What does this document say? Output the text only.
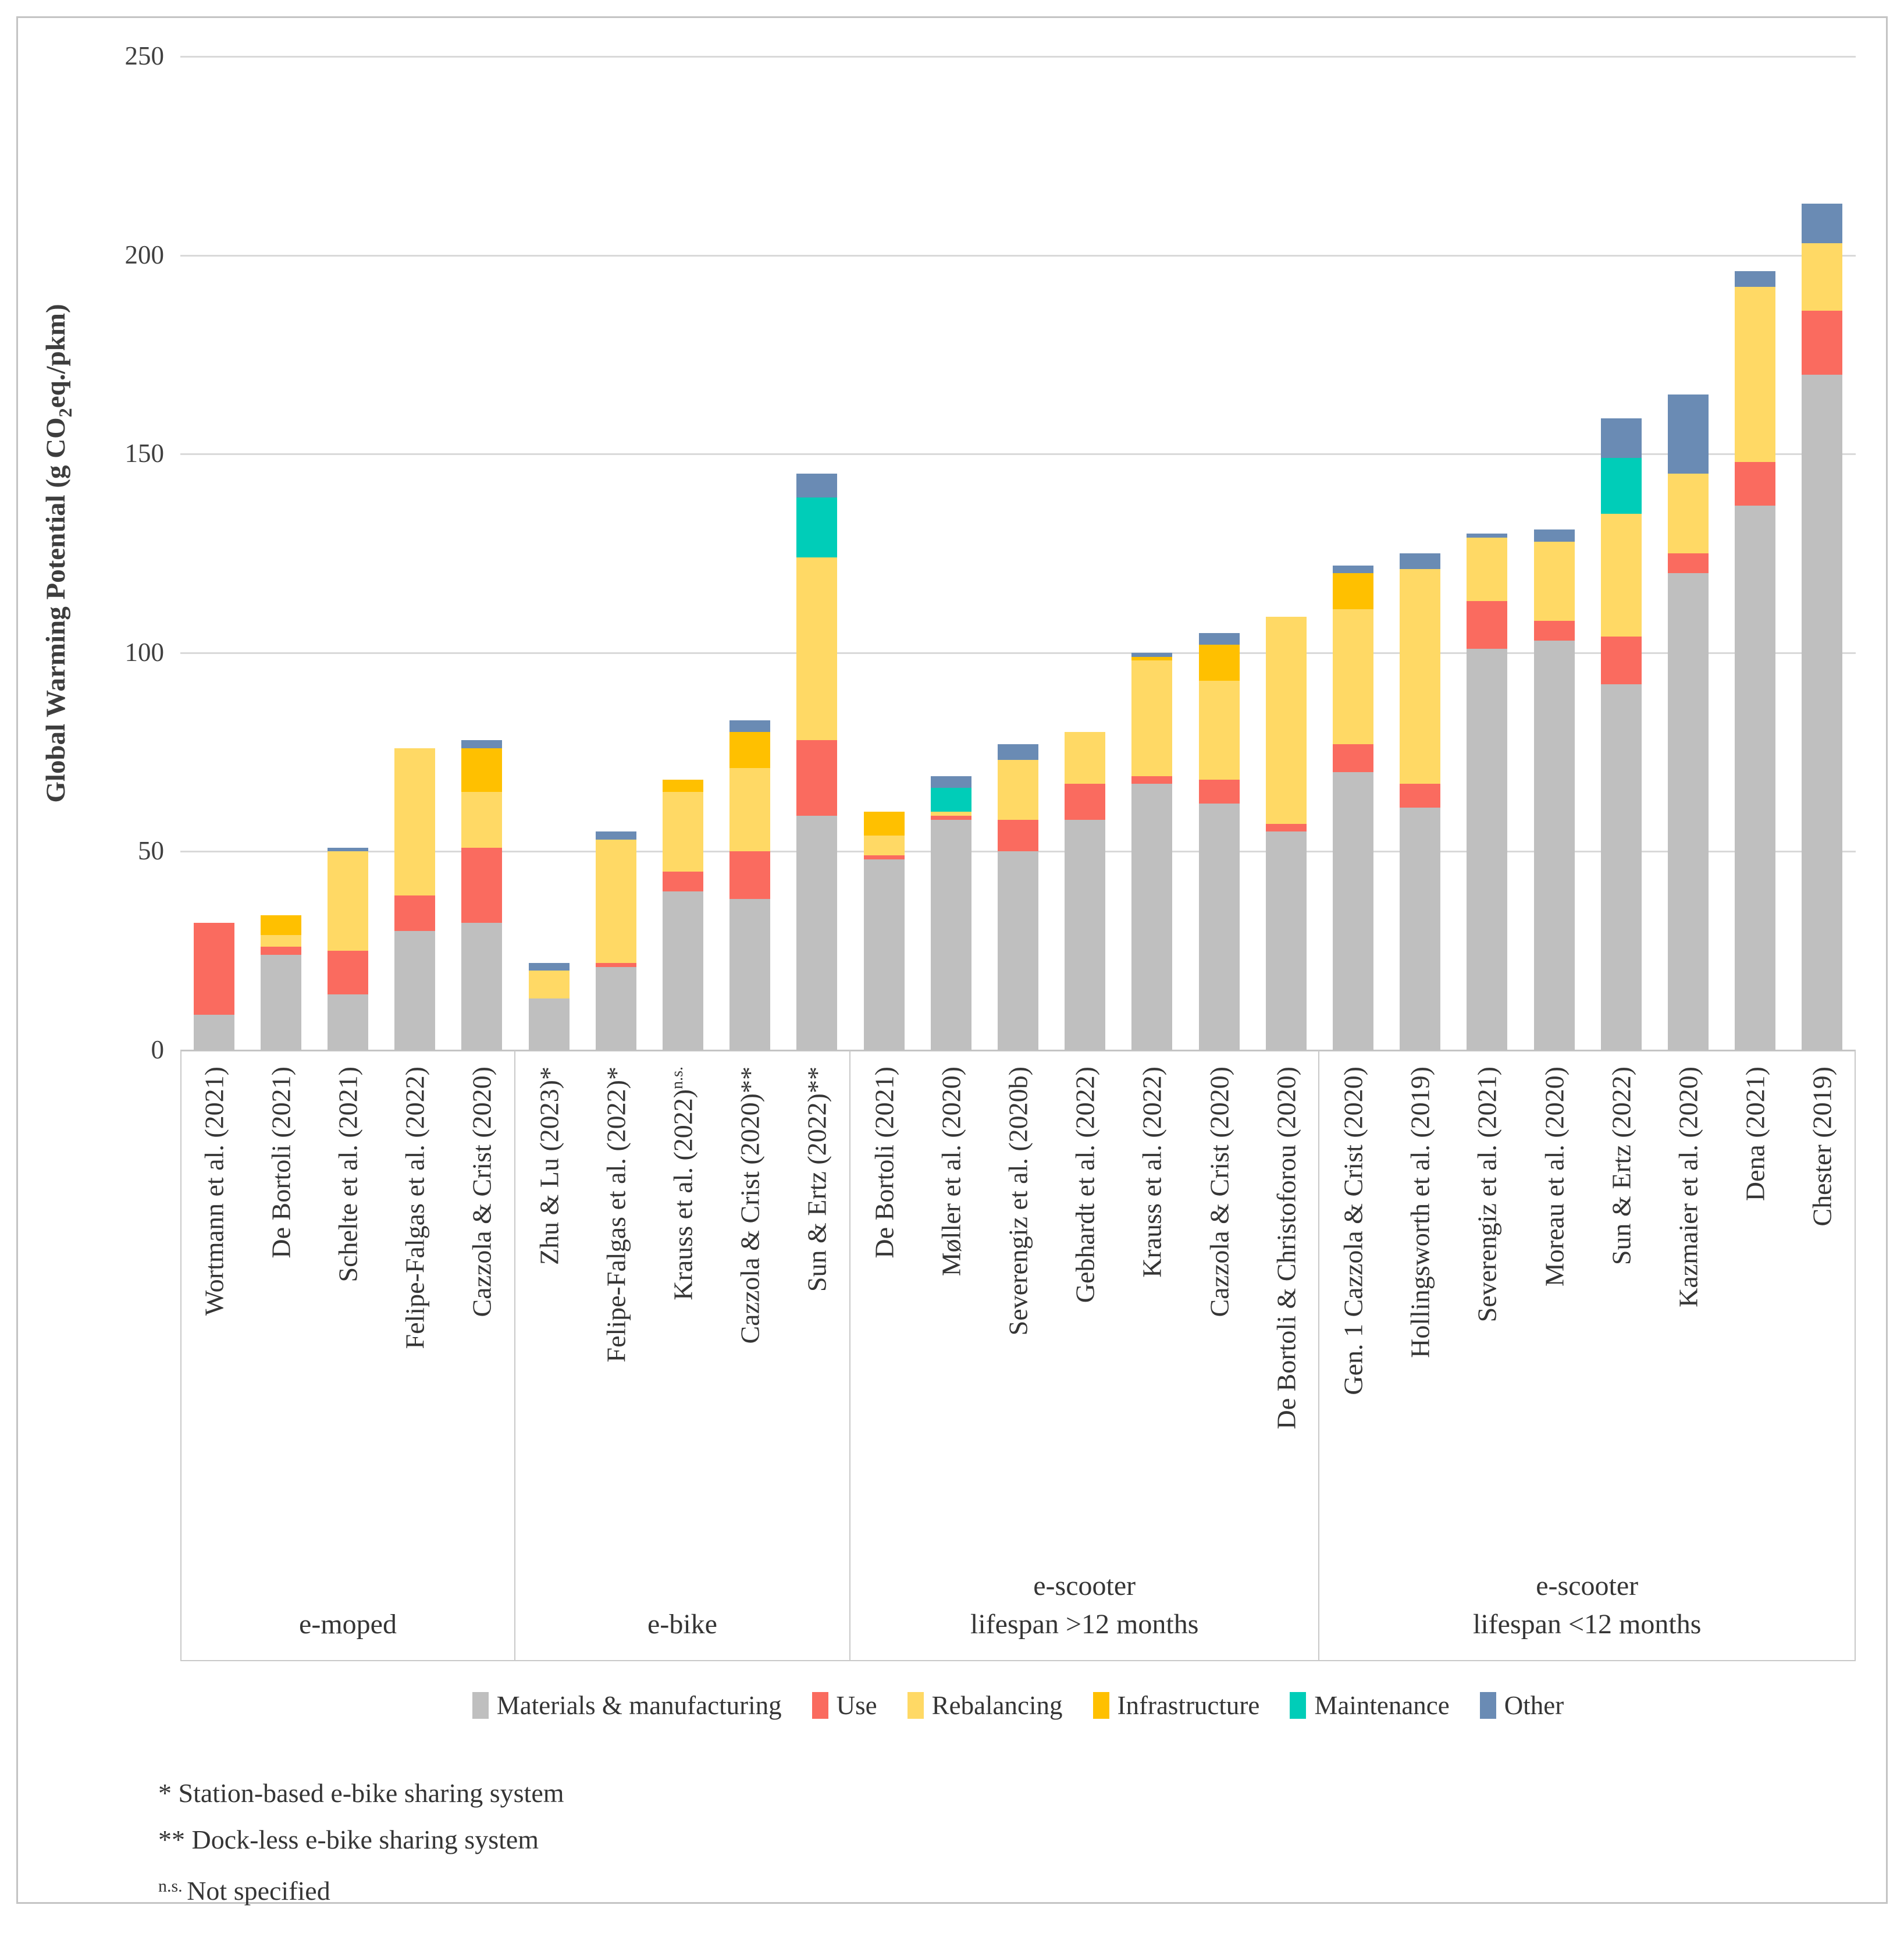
0
50
100
150
200
250
Global Warming Potential (g $CO_2eq./pkm$)
Wortmann et al. (2021) De Bortoli (2021) Schelte et al. (2021) Felipe-Falgas et al. (2022) Cazzola & Crist (2020) Zhu & Lu (2023)* Felipe-Falgas et al. (2022)* Krauss et al. $(2022)^{n.s.}$	Cazzola & Crist (2020)** Sun & Ertz (2022)** De Bortoli (2021) Møller et al. (2020) Severengiz et al. (2020b) Gebhardt et al. (2022) Krauss et al. (2022) Cazzola & Crist (2020) De Bortoli & Christoforou (2020) Gen. 1 Cazzola & Crist (2020) Hollingsworth et al. (2019) Severengiz et al. (2021) Moreau et al. (2020) Sun & Ertz (2022) Kazmaier et al. (2020) Dena (2021) Chester (2019)
e-moped	e-bike
e-scooter
lifespan >12 months
e-scooter
lifespan <12 months
Materials & manufacturing Use Rebalancing Infrastructure Maintenance Other
* Station-based e-bike sharing system
** Dock-less e-bike sharing system
$^{n.s.}$ Not specified
